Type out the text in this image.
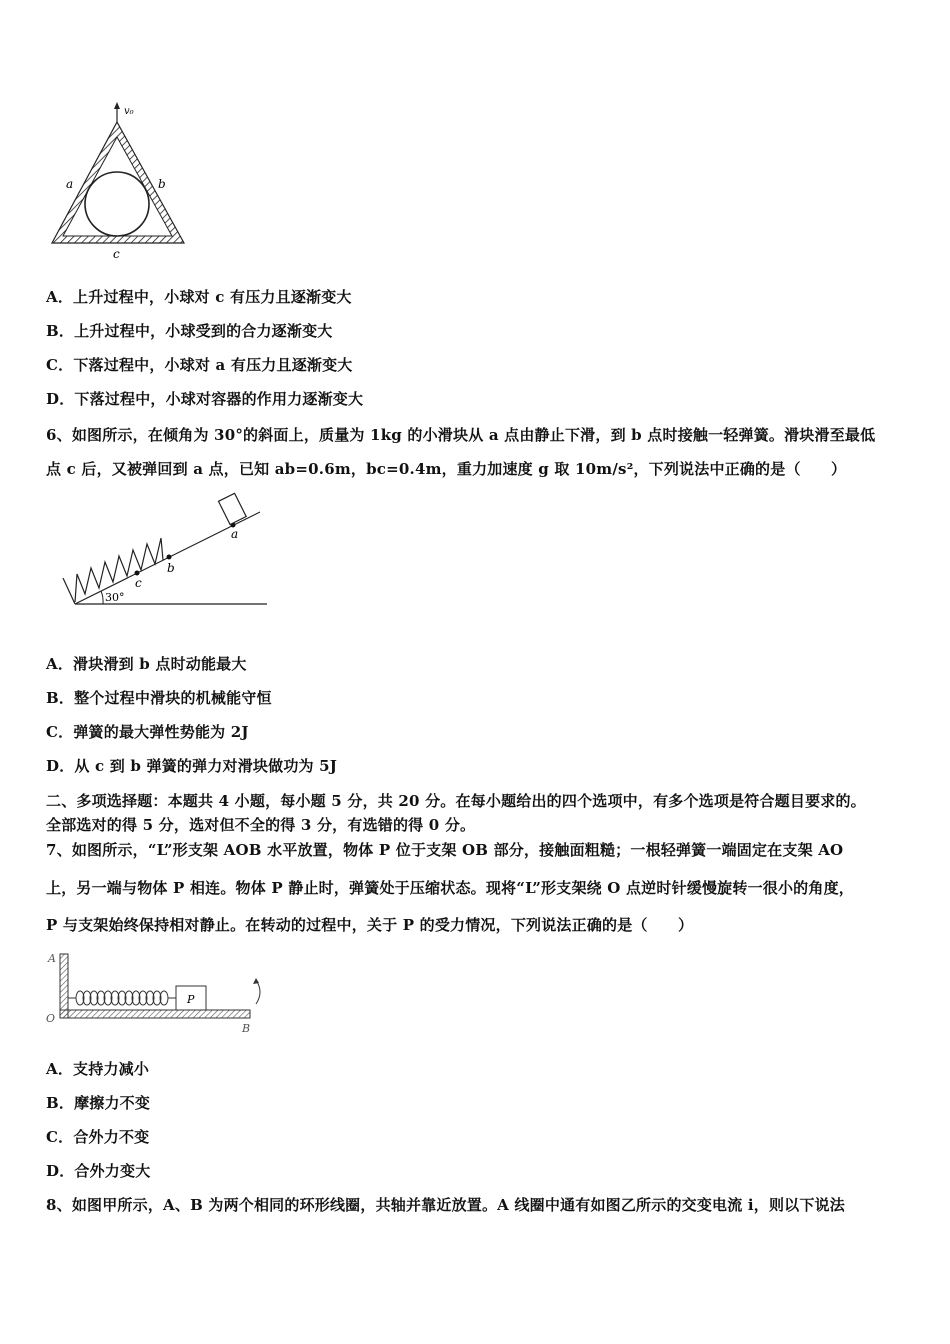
v₀
a	b
c
A．上升过程中，小球对 c 有压力且逐渐变大
B．上升过程中，小球受到的合力逐渐变大
C．下落过程中，小球对 a 有压力且逐渐变大
D．下落过程中，小球对容器的作用力逐渐变大
6、如图所示，在倾角为 30°的斜面上，质量为 1kg 的小滑块从 a 点由静止下滑，到 b 点时接触一轻弹簧。滑块滑至最低
点 c 后，又被弹回到 a 点，已知 ab=0.6m，bc=0.4m，重力加速度 g 取 10m/s²，下列说法中正确的是（　　）
c
b
a
30°
A．滑块滑到 b 点时动能最大
B．整个过程中滑块的机械能守恒
C．弹簧的最大弹性势能为 2J
D．从 c 到 b 弹簧的弹力对滑块做功为 5J
二、多项选择题：本题共 4 小题，每小题 5 分，共 20 分。在每小题给出的四个选项中，有多个选项是符合题目要求的。
全部选对的得 5 分，选对但不全的得 3 分，有选错的得 0 分。
7、如图所示，“L”形支架 AOB 水平放置，物体 P 位于支架 OB 部分，接触面粗糙；一根轻弹簧一端固定在支架 AO
上，另一端与物体 P 相连。物体 P 静止时，弹簧处于压缩状态。现将“L”形支架绕 O 点逆时针缓慢旋转一很小的角度，
P 与支架始终保持相对静止。在转动的过程中，关于 P 的受力情况，下列说法正确的是（　　）
P
A
O
B
A．支持力减小
B．摩擦力不变
C．合外力不变
D．合外力变大
8、如图甲所示，A、B 为两个相同的环形线圈，共轴并靠近放置。A 线圈中通有如图乙所示的交变电流 i，则以下说法
